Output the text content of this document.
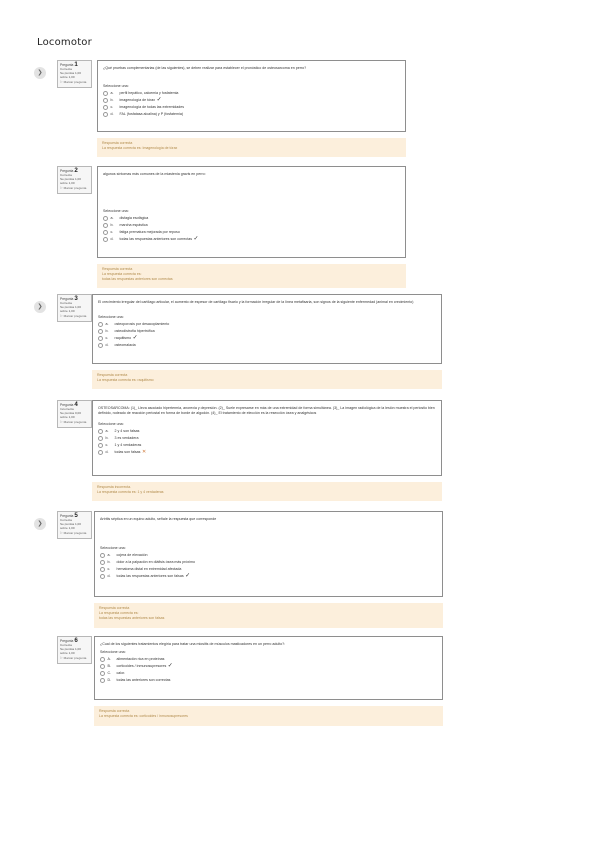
Locomotor
❯
Pregunta1
Correcta
Se puntúa 1,00 sobre 1,00
⚐ Marcar pregunta
¿Qué pruebas complementarias (de las siguientes), se deben realizar para establecer el pronóstico de osteosarcoma en perro?
Seleccione una:
a.	perfil hepático, calcemia y fosfatemia
b.	imagenología de tórax ✓
c.	imagenología de todas las extremidades
d.	FAL (fosfatasa alcalina) y P (fosfatemia)
Respuesta correcta
La respuesta correcta es: Imagenología de tórax
Pregunta2
Correcta
Se puntúa 1,00 sobre 1,00
⚐ Marcar pregunta
algunos síntomas más comunes de la miastenia gravis en perro:
Seleccione una:
a.	disfagia esofágica
b.	marcha espástica
c.	fatiga prematura mejorada por reposo
d.	todas las respuestas anteriores son correctas ✓
Respuesta correcta
La respuesta correcta es:
todas las respuestas anteriores son correctas
❯
Pregunta3
Correcta
Se puntúa 1,00 sobre 1,00
⚐ Marcar pregunta
El crecimiento irregular del cartílago articular, el aumento de espesor de cartílago fisario y la formación irregular de la línea metafisaria, son signos de la siguiente enfermedad (animal en crecimiento)
Seleccione una:
a.	osteoporosis por desacoplamiento
b.	osteodistrofia hipertrófica
c.	raquitismo ✓
d.	osteomalacia
Respuesta correcta
La respuesta correcta es: raquitismo
Pregunta4
Incorrecta
Se puntúa 0,00 sobre 1,00
⚐ Marcar pregunta
OSTEOSARCOMA: (1)_ Lleva asociado hipertermia, anorexia y depresión. (2)_ Suele expresarse en más de una extremidad de forma simultánea. (3)_ La imagen radiológica de la lesión muestra el periostio bien definido, rodeado de reacción periostal en forma de borde de algodón. (4)_ El tratamiento de elección es la resección ósea y analgésicos
Seleccione una:
a.	2 y 4 son falsas
b.	3 es verdadera
c.	1 y 4 verdaderas
d.	todas son falsas ✕
Respuesta incorrecta.
La respuesta correcta es: 1 y 4 verdaderas
❯
Pregunta5
Correcta
Se puntúa 1,00 sobre 1,00
⚐ Marcar pregunta
Artritis séptica en un equino adulto, señale la respuesta que corresponde
Seleccione una:
a.	cojera de elevación
b.	dolor a la palpación en diáfisis ósea más próximo
c.	hematoma distal en extremidad afectada
d.	todas las respuestas anteriores son falsas ✓
Respuesta correcta
La respuesta correcta es:
todas las respuestas anteriores son falsas
Pregunta6
Correcta
Se puntúa 1,00 sobre 1,00
⚐ Marcar pregunta
¿Cual de los siguientes tratamientos elegiría para tratar una miositis de músculos masticadores en un perro adulto?:
Seleccione una:
A.	alimentación rica en proteínas
B.	corticoides / inmunosupresores ✓
C.	calor.
D.	todas las anteriores son correctas
Respuesta correcta
La respuesta correcta es: corticoides / inmunosupresores
